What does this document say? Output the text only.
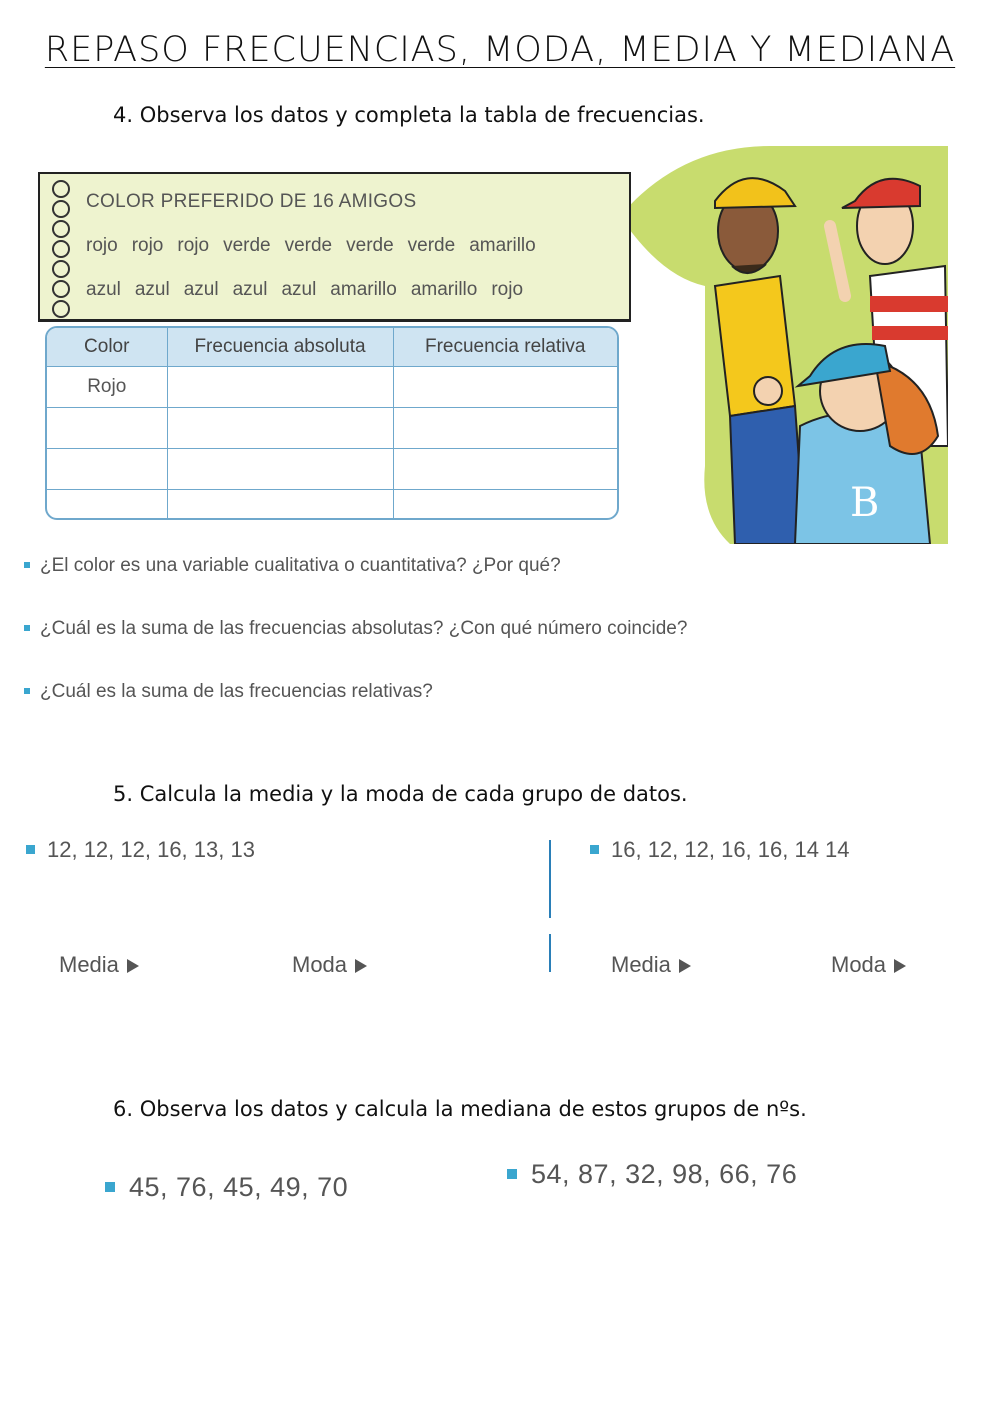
REPASO FRECUENCIAS, MODA, MEDIA Y MEDIANA
4. Observa los datos y completa la tabla de frecuencias.
B
COLOR PREFERIDO DE 16 AMIGOS
rojo rojo rojo verde verde verde verde amarillo
azul azul azul azul azul amarillo amarillo rojo
Color	Frecuencia absoluta	Frecuencia relativa
Rojo		

¿El color es una variable cualitativa o cuantitativa? ¿Por qué?
¿Cuál es la suma de las frecuencias absolutas? ¿Con qué número coincide?
¿Cuál es la suma de las frecuencias relativas?
5. Calcula la media y la moda de cada grupo de datos.
12, 12, 12, 16, 13, 13	16, 12, 12, 16, 16, 14 14
Media	Moda	Media	Moda
6. Observa los datos y calcula la mediana de estos grupos de nºs.
45, 76, 45, 49, 70	54, 87, 32, 98, 66, 76
